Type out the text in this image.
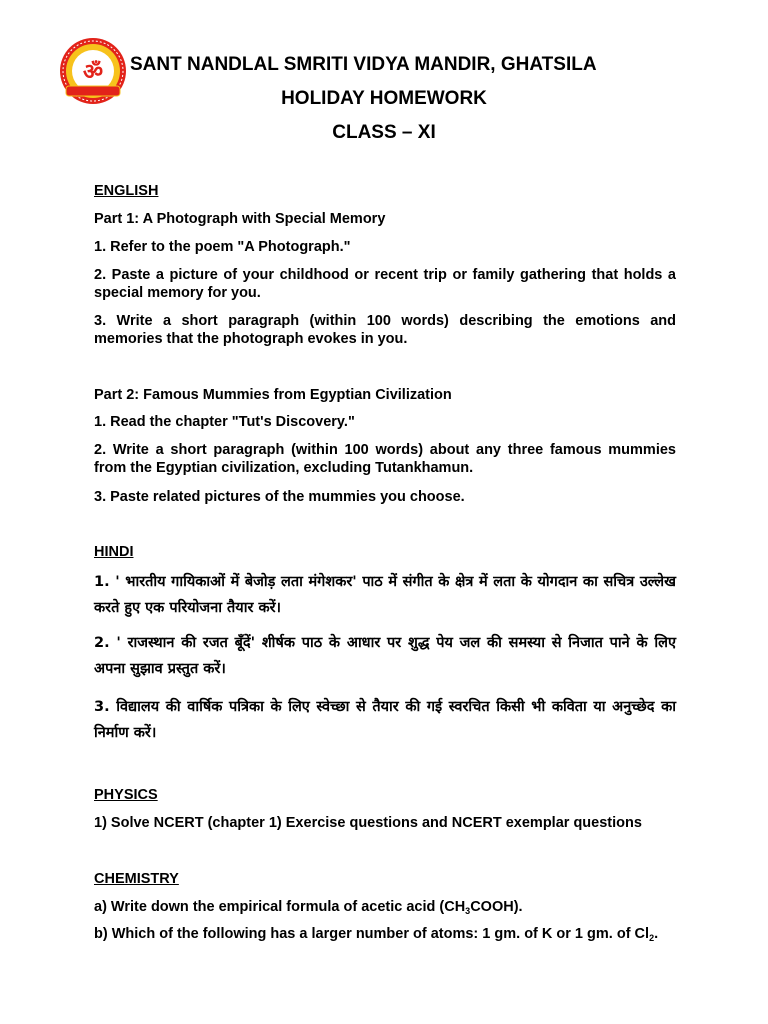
ॐ SANT NANDLAL SMRITI VIDYA MANDIR, GHATSILA
HOLIDAY HOMEWORK
CLASS – XI
ENGLISH
Part 1: A Photograph with Special Memory
1. Refer to the poem "A Photograph."
2. Paste a picture of your childhood or recent trip or family gathering that holds a special memory for you.
3. Write a short paragraph (within 100 words) describing the emotions and memories that the photograph evokes in you.
Part 2: Famous Mummies from Egyptian Civilization
1. Read the chapter "Tut's Discovery."
2. Write a short paragraph (within 100 words) about any three famous mummies from the Egyptian civilization, excluding Tutankhamun.
3. Paste related pictures of the mummies you choose.
HINDI
1. ' भारतीय गायिकाओं में बेजोड़ लता मंगेशकर' पाठ में संगीत के क्षेत्र में लता के योगदान का सचित्र उल्लेख करते हुए एक परियोजना तैयार करें।
2. ' राजस्थान की रजत बूँदें' शीर्षक पाठ के आधार पर शुद्ध पेय जल की समस्या से निजात पाने के लिए अपना सुझाव प्रस्तुत करें।
3. विद्यालय की वार्षिक पत्रिका के लिए स्वेच्छा से तैयार की गई स्वरचित किसी भी कविता या अनुच्छेद का निर्माण करें।
PHYSICS
1) Solve NCERT (chapter 1) Exercise questions and NCERT exemplar questions
CHEMISTRY
a) Write down the empirical formula of acetic acid $(CH_3COOH)$.
b) Which of the following has a larger number of atoms: 1 gm. of K or 1 gm. of $Cl_2$.
